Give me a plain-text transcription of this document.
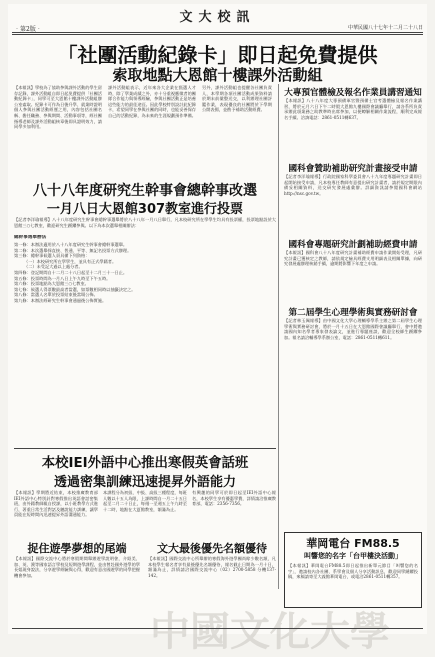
文大校訊
‧第2版‧	中華民國八十七年十二月二十八日
「社團活動紀錄卡」即日起免費提供
索取地點大恩館十樓課外活動組
【本報訊】學校為了協助參與課外活動的學生留存記錄，課外活動組自即日起免費提供「社團活動紀錄卡」，同學可至大恩館十樓課外活動組辦公室索取。紀錄卡可作為日後升學、就業時證明個人參與社團活動經歷之用，內容包括社團名稱、擔任職務、參與期間、活動事項等，經社團指導老師及課外活動組核章後即具證明效力，請同學多加利用。
課外活動組表示，近年來各大企業在甄選人才時，除了學業成績之外，亦十分重視應徵者的團隊合作能力與領導經驗，參與社團活動正是培養這些能力的最佳途徑。因此學校特別設計此紀錄卡，希望同學在參與社團的同時，也能妥善保存自己的活動紀錄，為未來的生涯規劃預作準備。
另外，課外活動組也提醒各社團負責人，本學期各項社團活動成果資料請於期末前彙整送交，以利辦理社團評鑑作業，表現優良的社團將於下學期公開表揚，並酌予補助活動經費。
八十八年度研究生幹事會總幹事改選
一月八日大恩館307教室進行投票
【記者李洋瑜報導】八十八年度研究生幹事會總幹事選舉將於八十八年一月八日舉行，凡本校研究所在學學生均具有投票權，投票地點設於大恩館三○七教室，歡迎研究生踴躍參與。以下為本次選舉相關辦法：
總幹事選舉辦法
第一條：本辦法適用於八十八年度研究生幹事會總幹事選舉。
第二條：本次選舉採直接、普通、平等、無記名投票方式辦理。
第三條：總幹事候選人須具備下列資格：
（一）本校研究所在學學生，並具有正式學籍者。
（二）未受記大過以上處分者。
第四條：登記期間自十二月二十八日起至十二月三十一日止。
第五條：投票時間為一月八日上午九時至下午五時。
第六條：投票地點為大恩館三○七教室。
第七條：候選人得票數最高者當選，如票數相同時以抽籤決定之。
第八條：當選人名單於投票結束後當場公佈。
第九條：本辦法經研究生幹事會通過後公佈實施。
本校IEI外語中心推出寒假英會話班
透過密集訓練迅速提昇外語能力
【本報訊】學期將近結束，本校推廣教育部IEI外語中心特別針對寒假推出英語會話密集班，由外籍教師親自授課，以小班教學方式進行，著重日常生活對話及聽說能力訓練，讓學員能在短時間內迅速提昇外語溝通能力。
本課程分為初級、中級、高級三種程度，每班人數以十五人為限，上課時間自一月二十五日起至二月二十日止，每週一至週五上午九時至十二時，地點在大夏館教室，額滿為止。
有興趣的同學可於即日起至IEI外語中心報名，本校學生享有優惠學費，詳情請洽推廣教育部，電話：2356-7356。
捉住遊學夢想的尾端
【本報訊】國際交流中心將於寒假期間舉辦遊學說明會，介紹美、加、英、澳等國家語言學校及短期遊學課程，並由曾赴國外遊學的學長姐現身說法，分享遊學經驗與心得，歡迎有意出國遊學的同學把握機會參加。
文大最後優先名額優待
【本報訊】國際交流中心所舉辦的寒假海外遊學團尚餘少數名額，凡本校學生報名者享有最後優先名額優待，報名截止日期為一月十日，額滿為止，詳情請洽國際交流中心（02）2700-5858 分機137-142。
大專預官體檢及報名作業員講習通知
【本報訊】八十八年度大專預備軍官暨預備士官考選體檢及報名作業講習，將於元月六日下午二時假大恩館九樓國際會議廳舉行，請各系所負責承辦此項業務之助教準時出席參加，以便瞭解相關作業流程，順利完成報名手續。洽詢電話：2861-0511轉637。
國科會贊助補助研究計畫接受申請
【記者李洋瑜報導】行政院國家科學委員會八十九年度專題研究計畫即日起開始接受申請，凡本校專任教師有意提出研究計畫者，請於規定期限內備妥相關資料，送交研究發展處彙辦。詳細資訊請參閱國科會網站 http://nsc.gov.tw。
國科會專題研究計劃補助經費申請
【本報訊】國科會八十八年度研究計畫補助經費申請作業開始受理，凡研究計畫已獲核定之教師，請依規定檢具經費支用明細表及相關單據，向研究發展處辦理核銷手續，逾期將影響下年度之申請。
第二屆學生心理學術與實務研討會
【記者林玉佩報導】由中國文化大學心理輔導學系主辦之第二屆學生心理學術與實務研討會，將於一月十五日在大恩館國際會議廳舉行，會中將邀請國內知名學者專家發表論文，並進行專題座談，歡迎全校師生踴躍參加。報名請洽輔導學系辦公室，電話：2861-0511轉611。
華岡電台 FM88.5
叫響您的名字「台甲樓決活動」
【本報訊】華岡電台FM88.5即日起推出新單元節目「叫響您的名字」，邀請校內各社團、系學會及個人分享活動訊息，歡迎同學踴躍投稿，來稿請寄至大義館華岡電台，或電洽2861-0511轉357。
中國文化大學
